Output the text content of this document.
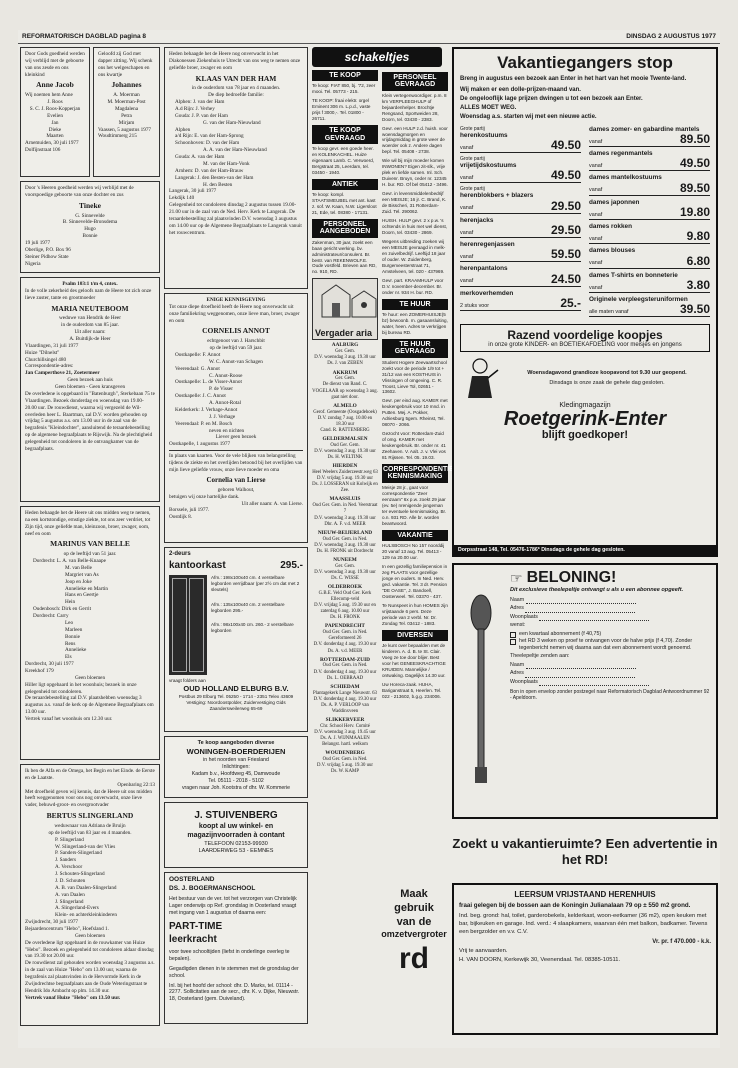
REFORMATORISCH DAGBLAD pagina 8	DINSDAG 2 AUGUSTUS 1977
Door Gods goedheid werden wij verblijd met de geboorte van ons zesde en ons kleinkind
Anne Jacob
Wij noemen hem Anne
J. Roos
S. C. J. Roos-Kopperjan
Evelien
Jan
Dieke
Maarten
Arnemuiden, 30 juli 1977
Dolfijnstraat 106
Geloofd zij God met dapper zitting. Wij schenk ons het welgeschapen en ons kwartje
Johannes
A. Moerman
M. Moerman-Post
Magdalena
Petra
Mirjam
Vaassen, 5 augustus 1977
Woudtimmerg 215
Door 's Heeren goedheid werden wij verblijd met de voorspoedige geboorte van onze dochter en zus
Tineke
G. Sinnevelde
B. Sinnevelde-Bronsdema
Hugo
Bonnie
19 juli 1977
Oberlige, P.O. Box 96
Steiner Pidhow State
Nigeria
Psalm 103:1 t/m 4, cntex.
In de volle zekerheid des geloofs nam de Heere tot zich onze lieve zuster, tante en grootmoeder
MARIA NEUTEBOOM
weduwe van Hendrik de Heer
in de ouderdom van 85 jaar.
Uit aller naam:
A. Buitdijk-de Heer
Vlaardingen, 31 juli 1977
Huize "Dilnelst"
Churchillsingel 480
Correspondentie-adres:
Jan Camperthove 21, Zoetermeer
Geen bezoek aan huis
Geen bloemen - Geen kransgeven
De overledene is opgebaard in "Batenburgh", Sterkebaan 75 te Vlaardingen. Bezoek donderdag en woensdag van 19.00-20.00 uur. De rouwdienst, waarna wij vergezeld de Wil-overleden heer L. Baartman, zal D.V. worden gehouden op vrijdag 5 augustus a.s. om 13.00 uur in de zaal van de begrafenis "Kleindochter", aansluitend de teraardebestelling op de algemene begraafplaats te Rijswijk. Na de plechtigheid gelegenheid tot condoleren in de ontvangkamer van de begraafplaats.
Heden behaagde het de Heere uit ons midden weg te nemen, na een kortstondige, ernstige ziekte, tot ons zeer verdriet, tot Zijn tijd, onze geliefde man, kleinzoon, broer, zwager, oom, neef en oom
MARINUS VAN BELLE
op de leeftijd van 51 jaar.
Dordrecht: L. A. van Belle-Knaape
M. van Belle
Margriet van As
Joop en Joke
Annelieke en Martin
Hans en Geertje
Hein
Oudenbosch: Dirk en Gerrit
Dordrecht: Carry
Leo
Marleen
Bonnie
Rens
Annelieke
Els
Dordrecht, 30 juli 1977
Kreekhof 179
Geen bloemen
Hiller ligt opgebaard in het woonhuis; bezoek in onze gelegenheid tot condoleren.
De teraardebestelling zal D.V. plaatshebben woensdag 3 augustus a.s. vanaf de kerk op de Algemene Begraafplaats om 13.00 uur.
Vertrek vanaf het woonhuis om 12.30 uur.
Ik ben de Alfa en de Omega, het Begin en het Einde. de Eerste en de Laatste.
Openbaring 22:13
Met droefheid geven wij kennis, dat de Heere uit ons midden heeft weggenomen voor ons nog onverwacht, onze lieve vader, behuwd-groot- en overgrootvader
BERTUS SLINGERLAND
weduwnaar van Adriana de Bruijn
op de leeftijd van 83 jaar en 4 maanden.
P. Slingerland
W. Slingerland-van der Vlies
P. Sanders-Slingerland
J. Sanders
A. Verschoor
J. Schouten-Slingerland
J. D. Schouten
A. B. van Daalen-Slingerland
A. van Daalen
J. Slingerland
A. Slingerland-Evers
Klein- en achterkleinkinderen
Zwijndrecht, 30 juli 1977
Bejaardencentrum "Hebo", Hoefsland 1.
Geen bloemen
De overledene ligt opgebaard in de rouwkamer van Huize "Hebo". Bezoek en gelegenheid tot condoleren aldaar dinsdag van 19.30 tot 20.00 uur.
De rouwdienst zal gehouden worden woensdag 3 augustus a.s. in de zaal van Huize "Hebo" om 13.00 uur, waarna de begrafenis zal plaatsvinden in de Hervormde Kerk in de Zwijndrechtse begraafplaats aan de Oude Weteringstraat te Hendrik Ido Ambacht op plm. 14.30 uur.
Vertrek vanaf Huize "Hebo" om 13.50 uur.
Heden behaagde het de Heere nog onverwacht in het Diakonessen Ziekenhuis te Utrecht van ons weg te nemen onze geliefde broer, zwager en oom
KLAAS VAN DER HAM
in de ouderdom van 78 jaar en 4 maanden.
De diep bedroefde familie:
Alphen: J. van der Ham
A.d Rijn: J. Verhey
Gouda: J. P. van der Ham
G. van der Ham-Nieuwland
Alphen
a/d Rijn: E. van der Ham-Sprong
Schoonhoven: D. van der Ham
A. A. van der Ham-Nieuwland
Gouda: A. van der Ham
M. van der Ham-Vonk
Arnhem: D. van der Ham-Brauw
Langerak: J. den Besten-van der Ham
H. den Besten
Langerak, 30 juli 1977
Lekdijk 140
Gelegenheid tot condoleren dinsdag 2 augustus tussen 19.00-21.00 uur in de zaal van de Ned. Herv. Kerk te Langerak. De teraardebestelling zal plaatsvinden D.V. woensdag 3 augustus om 14.00 uur op de Algemene Begraafplaats te Langerak vanuit het rouwcentrum.
ENIGE KENNISGEVING
Tot onze diepe droefheid heeft de Heere nog onverwacht uit onze familiekring weggenomen, onze lieve man, broer, zwager en oom
CORNELIS ANNOT
echtgenoot van J. Harschbit
op de leeftijd van 59 jaar.
Oostkapelle: F. Annot
W. C. Annot-van Schagen
Veerendaal: G. Annot
C. Annot-Roose
Oostkapelle: L. de Visser-Annot
P. de Visser
Oostkapelle: J. C. Annot
A. Annot-Rotal
Kelderkerk: J. Verhage-Annot
J. J. Verhage
Veerendaal: P. en M. Bosch
neven en nichten
Liever geen bezoek
Oostkapelle, 1 augustus 1977
In plaats van kaarten. Voor de vele blijken van belangstelling tijdens de ziekte en het overlijden betoond bij het overlijden van mijn lieve geliefde vrouw, onze lieve moeder en oma
Cornelia van Lierse
geboren Walhout,
betuigen wij onze hartelijke dank.
Uit aller naam: A. van Lierse.
Borssele, juli 1977.
Oostdijk 8.
2-deurs
kantoorkast	295.-
Afm.: 198x100x40 cm. 4 verstelbare legborden verrijdbaar (per 2½ cm dat met 2 sleutels)
Afm.: 135x100x40 cm. 2 verstelbare legborden 295.-
Afm.: 98x100x40 cm. 260.- 2 verstelbare legborden
vraagt folders aan
OUD HOLLAND ELBURG B.V.
Postbus 29 Elburg Tel. 05250 - 1714 - 2351 Telex 43609
Vestiging: Noordoostpolder, Zuidervestiging Gids Zaandersweilerweg 65-69
Te koop aangeboden diverse
WONINGEN-BOERDERIJEN
in het noorden van Friesland
Inlichtingen:
Kadam b.v., Hoofdweg 45, Damwoude
Tel. 05111 - 2018 - 5102
vragen naar Joh. Kootstra of dhr. W. Kommerie
J. STUIVENBERG
koopt al uw winkel- en
magazijnvoorraden à contant
TELEFOON 02153-99930
LAARDERWEG 53 - EEMNES
OOSTERLAND
DS. J. BOGERMANSCHOOL
Het bestuur van de ver. tot het verzorgen van Christelijk Lager onderwijs op Ref. grondslag in Oosterland vraagt met ingang van 1 augustus of daarna een:
PART-TIME
leerkracht
voor twee schooltijden (liefst in onderlinge overleg te bepalen).
Gegadigden dienen in te stemmen met de grondslag der school.
Inl. bij het hoofd der school: dhr. D. Marks, tel. 01114 - 2277. Sollicitaties aan de secr., dhr. K. v. Dijke, Nieuwstr. 18, Oosterland (gem. Duiveland).
schakeltjes
TE KOOP
Te koop: FIAT 850, bj. '72, zeer mooi. Tel. 05773 - 215.
TE KOOP: fraai elektr. orgel Eminent 306 m. L.p.d., vaste prijs f 3000,-. Tel. 01800 - 26711.
TE KOOP GEVRAAGD
Te koop gevr. een goede heer. en KOLENKACHEL. Huize eigenaars Lamb. C. Verwoerd, Bergstraat 25, Leerdam, tel. 03450 - 1940.
ANTIEK
Te koop: kompl. STAATSMEUBEL met ant. kast z. sof. W. Kaan, N.W. Ligersloot 21, Ede, tel. 08380 - 17131.
PERSONEEL AANGEBODEN
Zakenman, 30 jaar, zoekt een baan gericht werking. bv. administrateur/consulent. Br. bestr. van REKENWOLF.E. Oude vostfeld. Brieven aan RD, no. 910, RD.
Vergader aria
AALBURG
Ger. Gem.
D.V. woensdag 3 aug. 19.30 uur
Ds. J. van ZEBEN
AKKRUM
Ger. Gem.
De dienst van Rand. C. VOGELAAR op woensdag 3 aug. gaat niet door.
ALMELO
Gerof. Gemeente (Oosgadehoek)
D.V. zondag 7 aug. 10.00 en 18.30 uur
Cand. R. RATTENBERG
GELDERMALSEN
Oud Ger. Gem.
D.V. woensdag 3 aug. 19.30 uur
Ds. H. WELTINK
HIERDEN
Heel Weelers Zuiderzeestr.weg 63
D.V. vrijdag 5 aug. 19.30 uur
Ds. J. LOSSERAN uit Kolwijk en Zee.
MAASSLUIS
Oud Ger. Gem. in Ned. Veerstraat 7
D.V. woensdag 3 aug. 19.30 uur
Dhr. A. F. v.d. MEER
NIEUW-BEIJERLAND
Oud Ger. Gem. in Ned.
D.V. woensdag 3 aug. 19.30 uur
Ds. H. FRONK uit Dordrecht
NUNEEM
Ger. Gem.
D.V. woensdag 3 aug. 19.30 uur
Ds. C. WISSE
OLDEBROEK
G.B.E. Veld Oud Ger. Kerk Ellecomp-veld
D.V. vrijdag 5 aug. 19.30 uur en zaterdag 6 aug. 10.00 uur
Ds. H. FRONK
PAPENDRECHT
Oud Ger. Gem. in Ned. Gereformeerd 26
D.V. donderdag 4 aug. 19.30 uur
Ds. A. v.d. MEER
ROTTERDAM-ZUID
Oud Ger. Gem. in Ned.
D.V. donderdag 4 aug. 19.30 uur
Ds. L. OEBRAAD
SCHIEDAM
Plantagekerk Lange Nieuwstr. 63
D.V. donderdag 4 aug. 19.30 uur
Ds. A. P. VERLOOP van Waddinxveen
SLIKKERVEER
Chr. School Herv. Comité
D.V. woensdag 3 aug. 19.45 uur
Ds. A. J. WIJNMAALEN
Belangst. hartl. welkom
WOUDENBERG
Oud Ger. Gem. in Ned.
D.V. vrijdag 5 aug. 19.30 uur
Ds. W. KAMP
PERSONEEL GEVRAAGD
Klein vertegenwoordiger. p.m. 8 km VERPLEEGHULP of bejaardenhelper. Brochtje Rengsand, Sportweiden 28, Doorn, tel. 03430 - 2383.
Gevr. een HULP z.d. huish. voor woensdagmorgen en vrijdagmiddag in grote weer de woerder ook z. Andere dagen bepl. Tel. 05408 - 2738.
Wie wil bij mijn moeder komen INWONEN? Eigen zit-slk., vrije plek en liefde samen. Inl. Sch. Duivenr. Bruyn, ceder nr. 12345 H. bur. RD. Of bel 05412 - 3496.
Gevr. in levensmiddelenbedrijf een MEISJE; 16 jr. C. Brand, K. de Bisscheri, 31 Rotterdam-Zuid. Tel. 290062.
HUISH. HULP gevr. 2 x p.w. 's ochtends in huis met wel dienst, Doorn, tel. 03430 - 2869.
Wegens uitbreiding zoeken wij een MEISJE gevraagd in melk- en zuivelbedrijf. Leeftijd 18 jaar of ouder. W. Zuidenberg, Burgemeesterstraat 71, Amstelveen, tel. 020 - 437969.
Gevr. part. KRAAMHULP voor D.V. november-december. Br. onder nr. 934 H. bur. RD.
TE HUUR
Te huur: een ZOMERHUISJE(5 bz) bewoonb. m. gasaansluiting, water, heen. Adres te verkrijgen bij bureau RD.
TE HUUR GEVRAAGD
Student Hogere Zeevaartschool zoekt voor de periode 1/9 tot + 31/12 van een KOSTHUIS in Vlissingen of omgeving. C. R. Troost, Lieve Tol, 02651 - 13602.
Gevr. per eind aug. KAMER met keukengebruik voor 10 mnd. in Putten. Mej. A. Pokker, Adriesburg 5gem. Rheinst, Tel. 08070 - 2066.
Gezocht voor: Rotterdam-Zuid of omg. KAMER met keukengebruik. Br. onder nr. 41 Zeehaven. V. Aalt. J. v. Vlei vos 81 Rijssen. Tel. 05. 19.03.
CORRESPONDENTIE KENNISMAKING
Meisje 28 jr., gaat voor correspondentie "Zeer eenzaam" 6x p.w. zoekt 29 jaar (ev. 5e) nrenigende jongeman ter eventuele kennismaking. Br. o.n. 931 RD. Alle br. worden beantwoord.
VAKANTIE
HULSBOSCH No 157 noorddij 20 vanaf 13 aug. Tel. 05413 - 129 na 20.00 uur.
In een gezellig familiepension in zeg PLAATS voor gezellige jonge en ouders. In Ned. Herv. ged. vakantie. Tel. 3 dr. Pension "DE OASE", J. Bandoell, Oosterweel. Tel. 03370 - 437.
Te Nunspeet in hun HOMES zijn vrijstaande 6 pers. Deze periode van 2 verbl. Nr. Dr. Zondag Tel. 03412 - 1883.
DIVERSEN
Je kunt over bepaalden met de kinderen. A. d. B. te St. Clair. Voeg ze toe door blijer. Best voor het GENEESKRACHTIGE KRUIDEN. Mannelijke / ontwaking. Dagelijks 14.30 uur.
Uw Horeca-zaak. HUHA, Bariganstraat 5, Heerlen. Tel. 022 - 213602, b.g.g. 234006.
Maak gebruik
van de
omzetvergroter
rd
Vakantiegangers stop
Breng in augustus een bezoek aan Enter in het hart van het mooie Twente-land.
Wij maken er een dolle-prijzen-maand van.
De ongelooflijk lage prijzen dwingen u tot een bezoek aan Enter.
ALLES MOET WEG.
Woensdag a.s. starten wij met een nieuwe actie.
Grote partij
herenkostuums
vanaf	49.50
Grote partij
vrijetijdskostuums
vanaf	49.50
Grote partij
herenblokbers + blazers
vanaf	29.50
herenjacks
vanaf	29.50
herenregenjassen
vanaf	59.50
herenpantalons
vanaf	24.50
merkoverhemden
2 stuks voor	25.-
dames zomer- en gabardine mantels
vanaf	89.50
dames regenmantels
vanaf	49.50
dames mantelkostuums
vanaf	89.50
dames japonnen
vanaf	19.80
dames rokken
vanaf	9.80
dames blouses
vanaf	6.80
dames T-shirts en bonneterie
vanaf	3.80
Originele verpleegsteruniformen
alle maten vanaf	39.50
Razend voordelige koopjes
in onze grote KINDER- en BOETIEKAFDELING voor meisjes en jongens
Woensdagavond grandioze koopavond tot 9.30 uur geopend.
Dinsdags is onze zaak de gehele dag gesloten.
Kledingmagazijn
Roetgerink-Enter
blijft goedkoper!
Dorpsstraat 148, Tel. 05476-1786* Dinsdags de gehele dag gesloten.
☞ BELONING!
Dit exclusieve theelepeltje ontvangt u als u een abonnee opgeeft.
Naam
Adres
Woonplaats
wenst:
een kwartaal abonnement (f 40,75)
het RD 3 weken op proef te ontvangen voor de halve prijs (f 4,70). Zonder tegenbericht nemen wij daarna aan dat een abonnement wordt genoemd.
Theelepeltje zenden aan:
Naam
Adres
Woonplaats
Bon in open envelop zonder postzegel naar Reformatorisch Dagblad Antwoordnummer 92 - Apeldoorn.
Zoekt u vakantieruimte? Een advertentie in het RD!
LEERSUM VRIJSTAAND HERENHUIS
fraai gelegen bij de bossen aan de Koningin Julianalaan 79 op ± 550 m2 grond.
Ind. beg. grond: hal, toilet, garderobekels, kelderkast, woon-eetkamer (36 m2), open keuken met bar, bijkeuken en garage. Ind. verd.: 4 slaapkamers, waarvan één met balkon, badkamer. Tevens een bergzolder en v.v. C.V.
Vr. pr. f 470.000 - k.k.
Vrij te aanvaarden.
H. VAN DOORN, Kerkewijk 30, Veenendaal. Tel. 08385-10511.
